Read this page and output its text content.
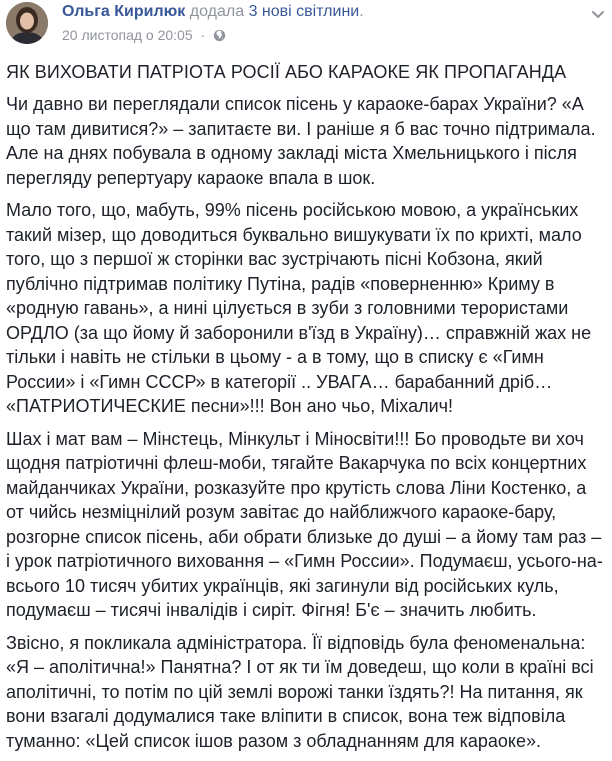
Ольга Кирилюк додала 3 нові світлини.
20 листопад о 20:05 ·
ЯК ВИХОВАТИ ПАТРІОТА РОСІЇ АБО КАРАОКЕ ЯК ПРОПАГАНДА

Чи давно ви переглядали список пісень у караоке-барах України? «А що там дивитися?» – запитаєте ви. І раніше я б вас точно підтримала. Але на днях побувала в одному закладі міста Хмельницького і після перегляду репертуару караоке впала в шок.

Мало того, що, мабуть, 99% пісень російською мовою, а українських такий мізер, що доводиться буквально вишукувати їх по крихті, мало того, що з першої ж сторінки вас зустрічають пісні Кобзона, який публічно підтримав політику Путіна, радів «поверненню» Криму в «родную гавань», а нині цілується в зуби з головними терористами ОРДЛО (за що йому й заборонили в'їзд в Україну)… справжній жах не тільки і навіть не стільки в цьому - а в тому, що в списку є «Гимн России» і «Гимн СССР» в категорії .. УВАГА… барабанний дріб… «ПАТРИОТИЧЕСКИЕ песни»!!! Вон ано чьо, Міхалич!

Шах і мат вам – Мінстець, Мінкульт і Міносвіти!!! Бо проводьте ви хоч щодня патріотичні флеш-моби, тягайте Вакарчука по всіх концертних майданчиках України, розказуйте про крутість слова Ліни Костенко, а от чийсь незміцнілий розум завітає до найближчого караоке-бару, розгорне список пісень, аби обрати близьке до душі – а йому там раз – і урок патріотичного виховання – «Гимн России». Подумаєш, усього-на-всього 10 тисяч убитих українців, які загинули від російських куль, подумаєш – тисячі інвалідів і сиріт. Фігня! Б'є – значить любить.

Звісно, я покликала адміністратора. Її відповідь була феноменальна: «Я – аполітична!» Панятна? І от як ти їм доведеш, що коли в країні всі аполітичні, то потім по цій землі ворожі танки їздять?! На питання, як вони взагалі додумалися таке вліпити в список, вона теж відповіла туманно: «Цей список ішов разом з обладнанням для караоке».
